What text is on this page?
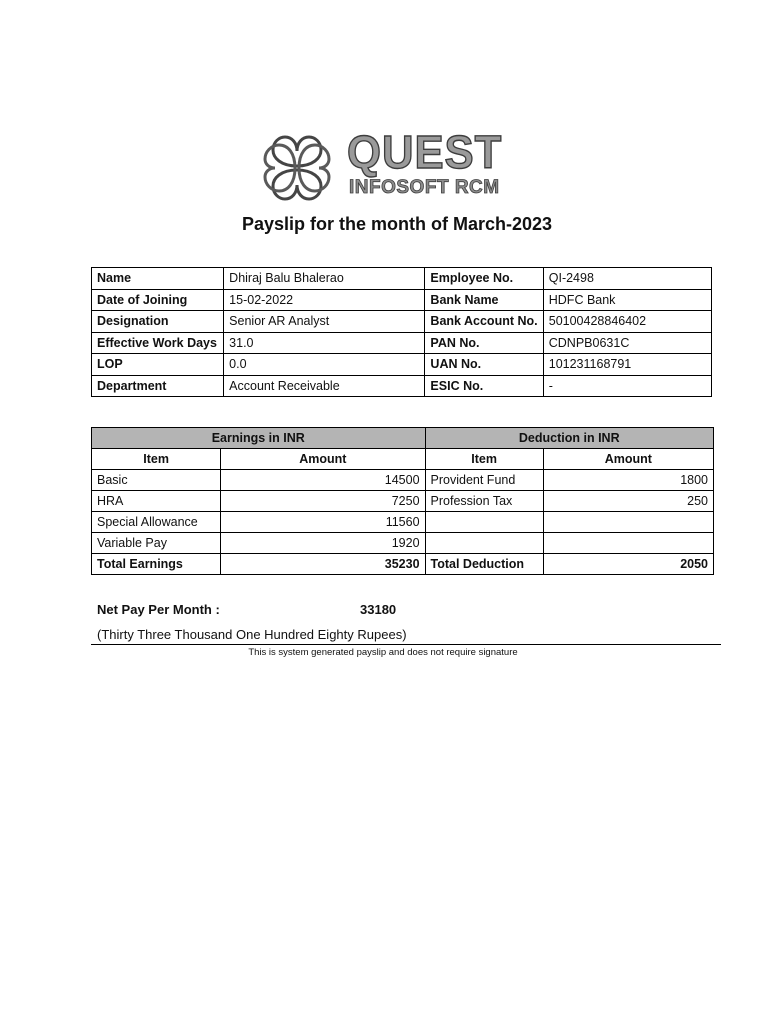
QUEST
INFOSOFT RCM
Payslip for the month of March-2023
Name	Dhiraj Balu Bhalerao	Employee No.	QI-2498
Date of Joining	15-02-2022	Bank Name	HDFC Bank
Designation	Senior AR Analyst	Bank Account No.	50100428846402
Effective Work Days	31.0	PAN No.	CDNPB0631C
LOP	0.0	UAN No.	101231168791
Department	Account Receivable	ESIC No.	-
Earnings in INR		Deduction in INR	
Item	Amount	Item	Amount
Basic	14500	Provident Fund	1800
HRA	7250	Profession Tax	250
Special Allowance	11560		
Variable Pay	1920		
Total Earnings	35230	Total Deduction	2050
Net Pay Per Month :	33180
(Thirty Three Thousand One Hundred Eighty Rupees)
This is system generated payslip and does not require signature
